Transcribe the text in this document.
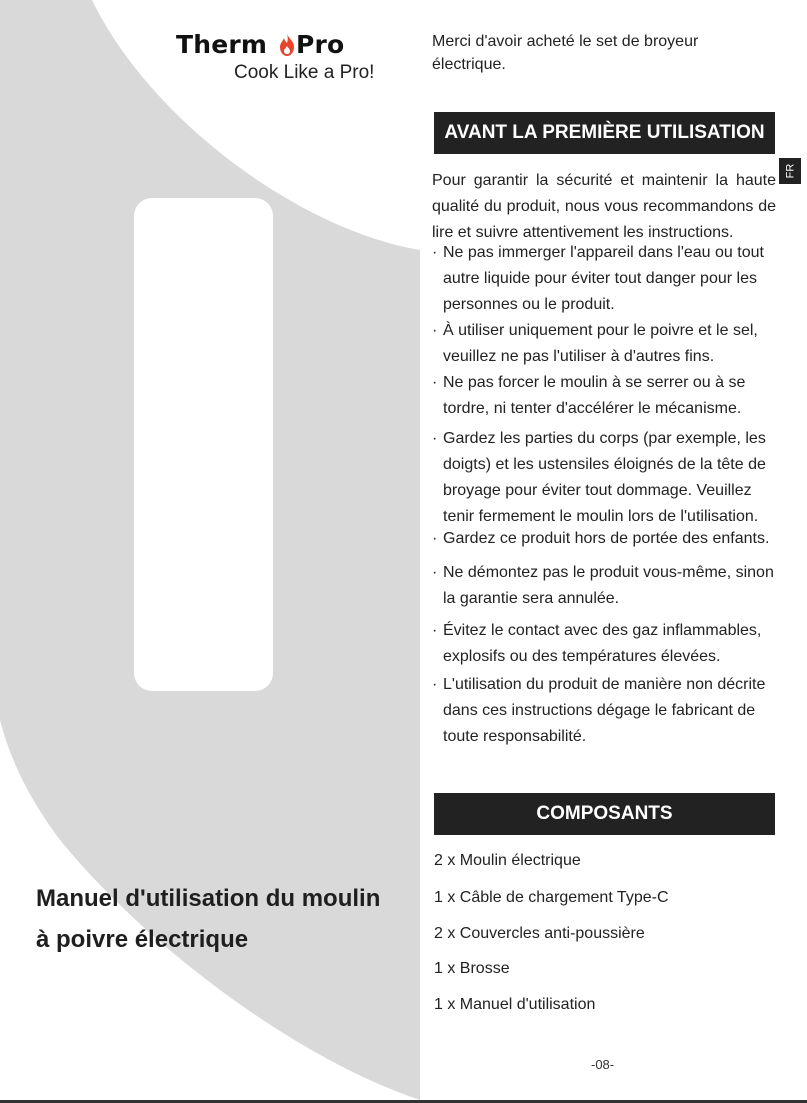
Therm Pro
Cook Like a Pro!
Manuel d'utilisation du moulin
à poivre électrique
Merci d'avoir acheté le set de broyeur électrique.
AVANT LA PREMIÈRE UTILISATION
FR
Pour garantir la sécurité et maintenir la haute qualité du produit, nous vous recommandons de lire et suivre attentivement les instructions.
· Ne pas immerger l'appareil dans l'eau ou tout autre liquide pour éviter tout danger pour les personnes ou le produit.
· À utiliser uniquement pour le poivre et le sel, veuillez ne pas l'utiliser à d'autres fins.
· Ne pas forcer le moulin à se serrer ou à se tordre, ni tenter d'accélérer le mécanisme.
· Gardez les parties du corps (par exemple, les doigts) et les ustensiles éloignés de la tête de broyage pour éviter tout dommage. Veuillez tenir fermement le moulin lors de l'utilisation.
· Gardez ce produit hors de portée des enfants.
· Ne démontez pas le produit vous-même, sinon la garantie sera annulée.
· Évitez le contact avec des gaz inflammables, explosifs ou des températures élevées.
· L'utilisation du produit de manière non décrite dans ces instructions dégage le fabricant de toute responsabilité.
COMPOSANTS
2 x Moulin électrique
1 x Câble de chargement Type-C
2 x Couvercles anti-poussière
1 x Brosse
1 x Manuel d'utilisation
-08-
